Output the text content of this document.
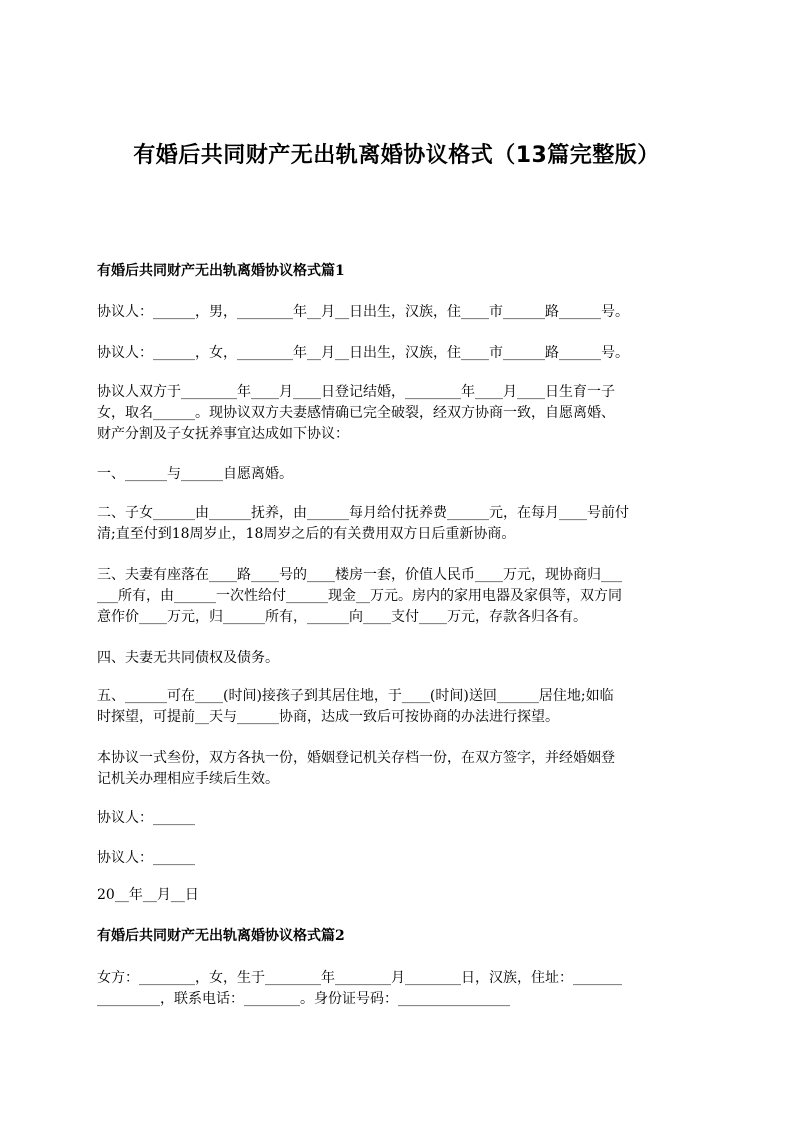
有婚后共同财产无出轨离婚协议格式（13篇完整版）
有婚后共同财产无出轨离婚协议格式篇1
协议人：______，男，________年__月__日出生，汉族，住____市______路______号。
协议人：______，女，________年__月__日出生，汉族，住____市______路______号。
协议人双方于________年____月____日登记结婚，________年____月____日生育一子
女，取名______。现协议双方夫妻感情确已完全破裂，经双方协商一致，自愿离婚、
财产分割及子女抚养事宜达成如下协议：
一、______与______自愿离婚。
二、子女______由______抚养，由______每月给付抚养费______元，在每月____号前付
清;直至付到18周岁止，18周岁之后的有关费用双方日后重新协商。
三、夫妻有座落在____路____号的____楼房一套，价值人民币____万元，现协商归___
___所有，由______一次性给付______现金__万元。房内的家用电器及家俱等，双方同
意作价____万元，归______所有，______向____支付____万元，存款各归各有。
四、夫妻无共同债权及债务。
五、______可在____(时间)接孩子到其居住地，于____(时间)送回______居住地;如临
时探望，可提前__天与______协商，达成一致后可按协商的办法进行探望。
本协议一式叁份，双方各执一份，婚姻登记机关存档一份，在双方签字，并经婚姻登
记机关办理相应手续后生效。
协议人：______
协议人：______
20__年__月__日
有婚后共同财产无出轨离婚协议格式篇2
女方：________，女，生于________年________月________日，汉族，住址：_______
_________，联系电话：________。身份证号码：________________
